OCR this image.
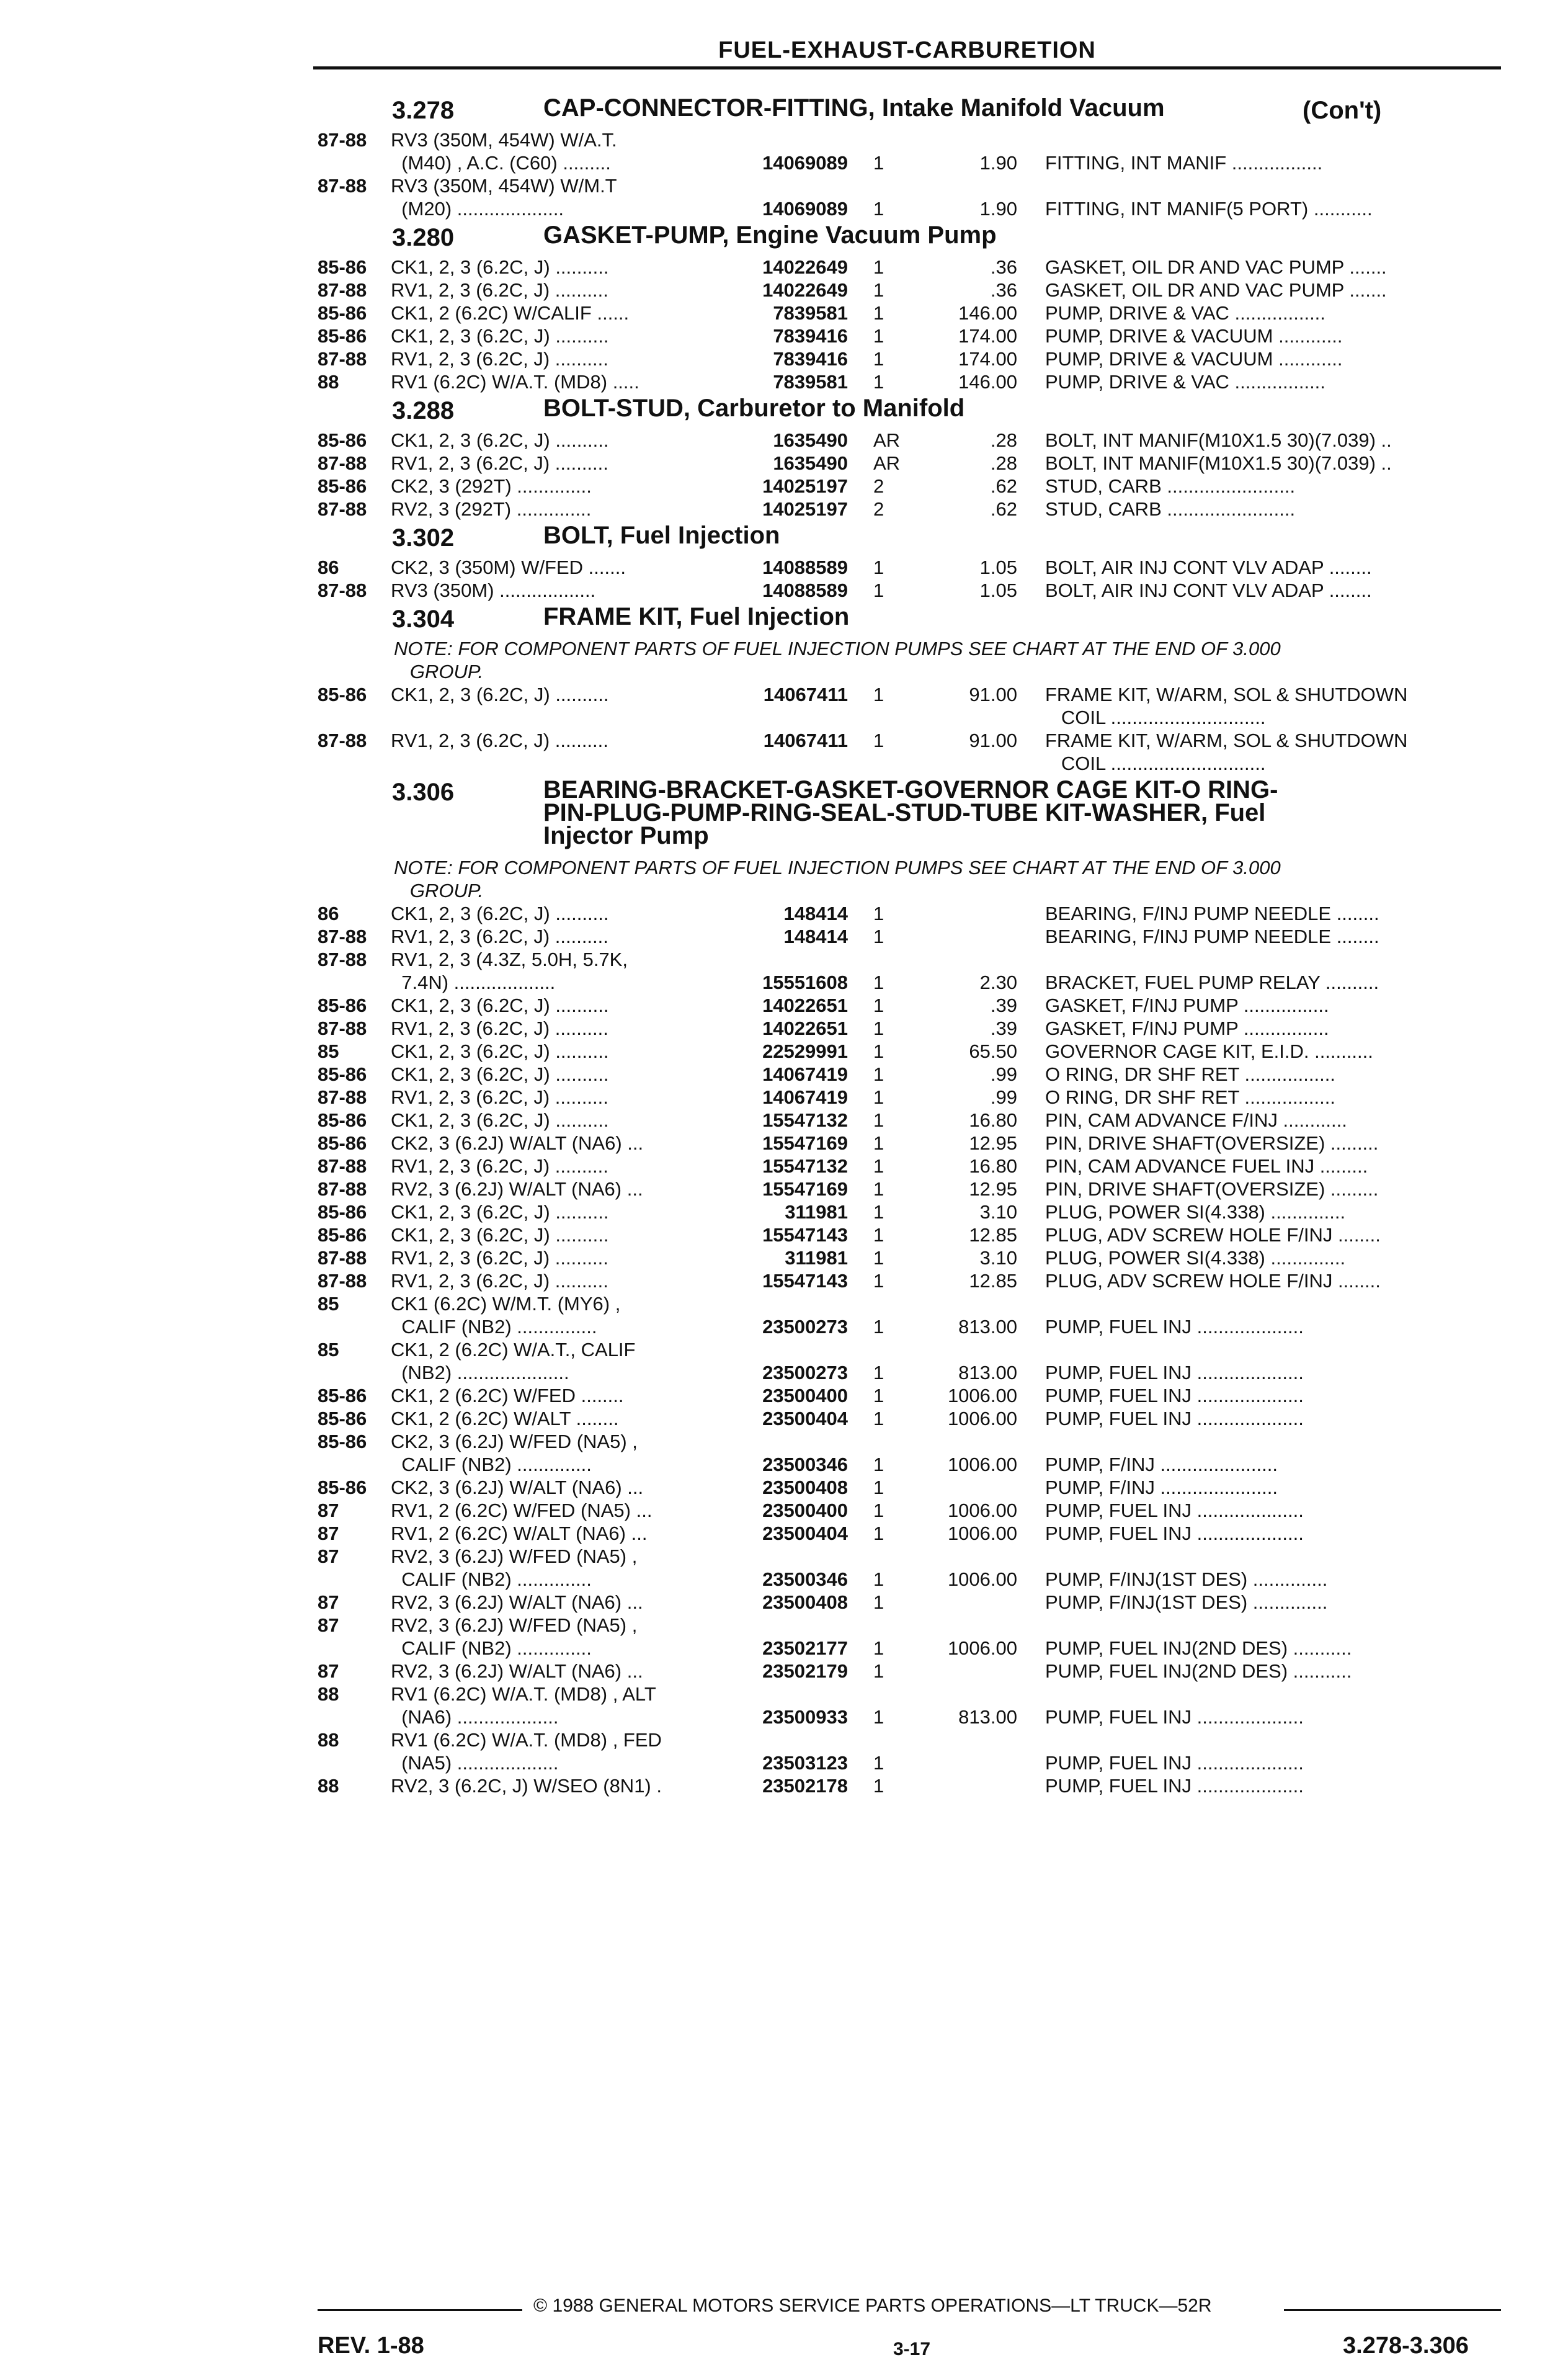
FUEL-EXHAUST-CARBURETION
3.278	CAP-CONNECTOR-FITTING, Intake Manifold Vacuum	(Con't)
87-88 RV3 (350M, 454W) W/A.T.
(M40) , A.C. (C60) .........	14069089 1	1.90 FITTING, INT MANIF .................
87-88 RV3 (350M, 454W) W/M.T
(M20) ....................	14069089 1	1.90 FITTING, INT MANIF(5 PORT) ...........
3.280	GASKET-PUMP, Engine Vacuum Pump
85-86 CK1, 2, 3 (6.2C, J) ..........	14022649 1	.36 GASKET, OIL DR AND VAC PUMP .......
87-88 RV1, 2, 3 (6.2C, J) ..........	14022649 1	.36 GASKET, OIL DR AND VAC PUMP .......
85-86 CK1, 2 (6.2C) W/CALIF ......	7839581 1	146.00 PUMP, DRIVE & VAC .................
85-86 CK1, 2, 3 (6.2C, J) ..........	7839416 1	174.00 PUMP, DRIVE & VACUUM ............
87-88 RV1, 2, 3 (6.2C, J) ..........	7839416 1	174.00 PUMP, DRIVE & VACUUM ............
88	RV1 (6.2C) W/A.T. (MD8) .....	7839581 1	146.00 PUMP, DRIVE & VAC .................
3.288	BOLT-STUD, Carburetor to Manifold
85-86 CK1, 2, 3 (6.2C, J) ..........	1635490 AR	.28 BOLT, INT MANIF(M10X1.5 30)(7.039) ..
87-88 RV1, 2, 3 (6.2C, J) ..........	1635490 AR	.28 BOLT, INT MANIF(M10X1.5 30)(7.039) ..
85-86 CK2, 3 (292T) ..............	14025197 2	.62 STUD, CARB ........................
87-88 RV2, 3 (292T) ..............	14025197 2	.62 STUD, CARB ........................
3.302	BOLT, Fuel Injection
86	CK2, 3 (350M) W/FED .......	14088589 1	1.05 BOLT, AIR INJ CONT VLV ADAP ........
87-88 RV3 (350M) ..................	14088589 1	1.05 BOLT, AIR INJ CONT VLV ADAP ........
3.304	FRAME KIT, Fuel Injection
NOTE: FOR COMPONENT PARTS OF FUEL INJECTION PUMPS SEE CHART AT THE END OF 3.000
GROUP.
85-86 CK1, 2, 3 (6.2C, J) ..........	14067411 1	91.00 FRAME KIT, W/ARM, SOL & SHUTDOWN
COIL .............................
87-88 RV1, 2, 3 (6.2C, J) ..........	14067411 1	91.00 FRAME KIT, W/ARM, SOL & SHUTDOWN
COIL .............................
3.306	BEARING-BRACKET-GASKET-GOVERNOR CAGE KIT-O RING-
PIN-PLUG-PUMP-RING-SEAL-STUD-TUBE KIT-WASHER, Fuel
Injector Pump
NOTE: FOR COMPONENT PARTS OF FUEL INJECTION PUMPS SEE CHART AT THE END OF 3.000
GROUP.
86	CK1, 2, 3 (6.2C, J) ..........	148414 1	BEARING, F/INJ PUMP NEEDLE ........
87-88 RV1, 2, 3 (6.2C, J) ..........	148414 1	BEARING, F/INJ PUMP NEEDLE ........
87-88 RV1, 2, 3 (4.3Z, 5.0H, 5.7K,
7.4N) ...................	15551608 1	2.30 BRACKET, FUEL PUMP RELAY ..........
85-86 CK1, 2, 3 (6.2C, J) ..........	14022651 1	.39 GASKET, F/INJ PUMP ................
87-88 RV1, 2, 3 (6.2C, J) ..........	14022651 1	.39 GASKET, F/INJ PUMP ................
85	CK1, 2, 3 (6.2C, J) ..........	22529991 1	65.50 GOVERNOR CAGE KIT, E.I.D. ...........
85-86 CK1, 2, 3 (6.2C, J) ..........	14067419 1	.99 O RING, DR SHF RET .................
87-88 RV1, 2, 3 (6.2C, J) ..........	14067419 1	.99 O RING, DR SHF RET .................
85-86 CK1, 2, 3 (6.2C, J) ..........	15547132 1	16.80 PIN, CAM ADVANCE F/INJ ............
85-86 CK2, 3 (6.2J) W/ALT (NA6) ...	15547169 1	12.95 PIN, DRIVE SHAFT(OVERSIZE) .........
87-88 RV1, 2, 3 (6.2C, J) ..........	15547132 1	16.80 PIN, CAM ADVANCE FUEL INJ .........
87-88 RV2, 3 (6.2J) W/ALT (NA6) ...	15547169 1	12.95 PIN, DRIVE SHAFT(OVERSIZE) .........
85-86 CK1, 2, 3 (6.2C, J) ..........	311981 1	3.10 PLUG, POWER SI(4.338) ..............
85-86 CK1, 2, 3 (6.2C, J) ..........	15547143 1	12.85 PLUG, ADV SCREW HOLE F/INJ ........
87-88 RV1, 2, 3 (6.2C, J) ..........	311981 1	3.10 PLUG, POWER SI(4.338) ..............
87-88 RV1, 2, 3 (6.2C, J) ..........	15547143 1	12.85 PLUG, ADV SCREW HOLE F/INJ ........
85	CK1 (6.2C) W/M.T. (MY6) ,
CALIF (NB2) ...............	23500273 1	813.00 PUMP, FUEL INJ ....................
85	CK1, 2 (6.2C) W/A.T., CALIF
(NB2) .....................	23500273 1	813.00 PUMP, FUEL INJ ....................
85-86 CK1, 2 (6.2C) W/FED ........	23500400 1	1006.00 PUMP, FUEL INJ ....................
85-86 CK1, 2 (6.2C) W/ALT ........	23500404 1	1006.00 PUMP, FUEL INJ ....................
85-86 CK2, 3 (6.2J) W/FED (NA5) ,
CALIF (NB2) ..............	23500346 1	1006.00 PUMP, F/INJ ......................
85-86 CK2, 3 (6.2J) W/ALT (NA6) ...	23500408 1	PUMP, F/INJ ......................
87	RV1, 2 (6.2C) W/FED (NA5) ...	23500400 1	1006.00 PUMP, FUEL INJ ....................
87	RV1, 2 (6.2C) W/ALT (NA6) ...	23500404 1	1006.00 PUMP, FUEL INJ ....................
87	RV2, 3 (6.2J) W/FED (NA5) ,
CALIF (NB2) ..............	23500346 1	1006.00 PUMP, F/INJ(1ST DES) ..............
87	RV2, 3 (6.2J) W/ALT (NA6) ...	23500408 1	PUMP, F/INJ(1ST DES) ..............
87	RV2, 3 (6.2J) W/FED (NA5) ,
CALIF (NB2) ..............	23502177 1	1006.00 PUMP, FUEL INJ(2ND DES) ...........
87	RV2, 3 (6.2J) W/ALT (NA6) ...	23502179 1	PUMP, FUEL INJ(2ND DES) ...........
88	RV1 (6.2C) W/A.T. (MD8) , ALT
(NA6) ...................	23500933 1	813.00 PUMP, FUEL INJ ....................
88	RV1 (6.2C) W/A.T. (MD8) , FED
(NA5) ...................	23503123 1	PUMP, FUEL INJ ....................
88	RV2, 3 (6.2C, J) W/SEO (8N1) .	23502178 1	PUMP, FUEL INJ ....................
© 1988 GENERAL MOTORS SERVICE PARTS OPERATIONS—LT TRUCK—52R
REV. 1-88	3-17	3.278-3.306
